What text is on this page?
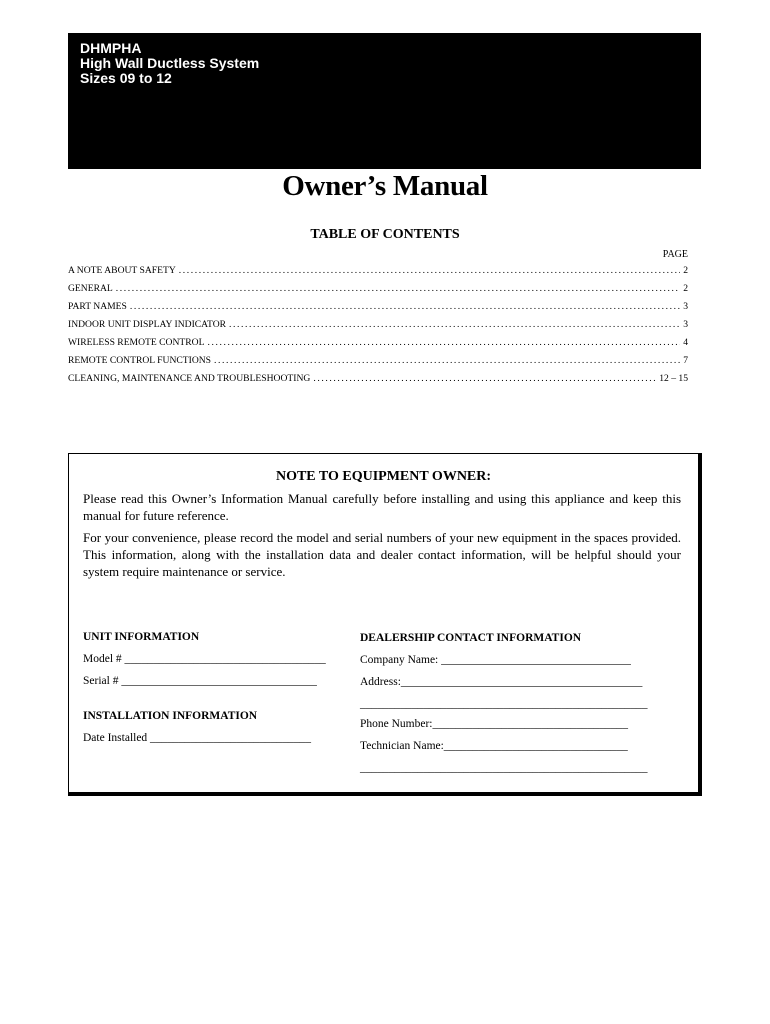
DHMPHA
High Wall Ductless System
Sizes 09 to 12
Owner’s Manual
TABLE OF CONTENTS
PAGE
A NOTE ABOUT SAFETY .....	2
GENERAL .....	2
PART NAMES .....	3
INDOOR UNIT DISPLAY INDICATOR .....	3
WIRELESS REMOTE CONTROL .....	4
REMOTE CONTROL FUNCTIONS .....	7
CLEANING, MAINTENANCE AND TROUBLESHOOTING .....	12 – 15
NOTE TO EQUIPMENT OWNER:

Please read this Owner’s Information Manual carefully before installing and using this appliance and keep this manual for future reference.

For your convenience, please record the model and serial numbers of your new equipment in the spaces provided. This information, along with the installation data and dealer contact information, will be helpful should your system require maintenance or service.

UNIT INFORMATION
Model # ___________________________________
Serial # __________________________________
INSTALLATION INFORMATION
Date Installed ____________________________
DEALERSHIP CONTACT INFORMATION
Company Name: _________________________________
Address:__________________________________________
__________________________________________________
Phone Number:__________________________________
Technician Name:________________________________
__________________________________________________
